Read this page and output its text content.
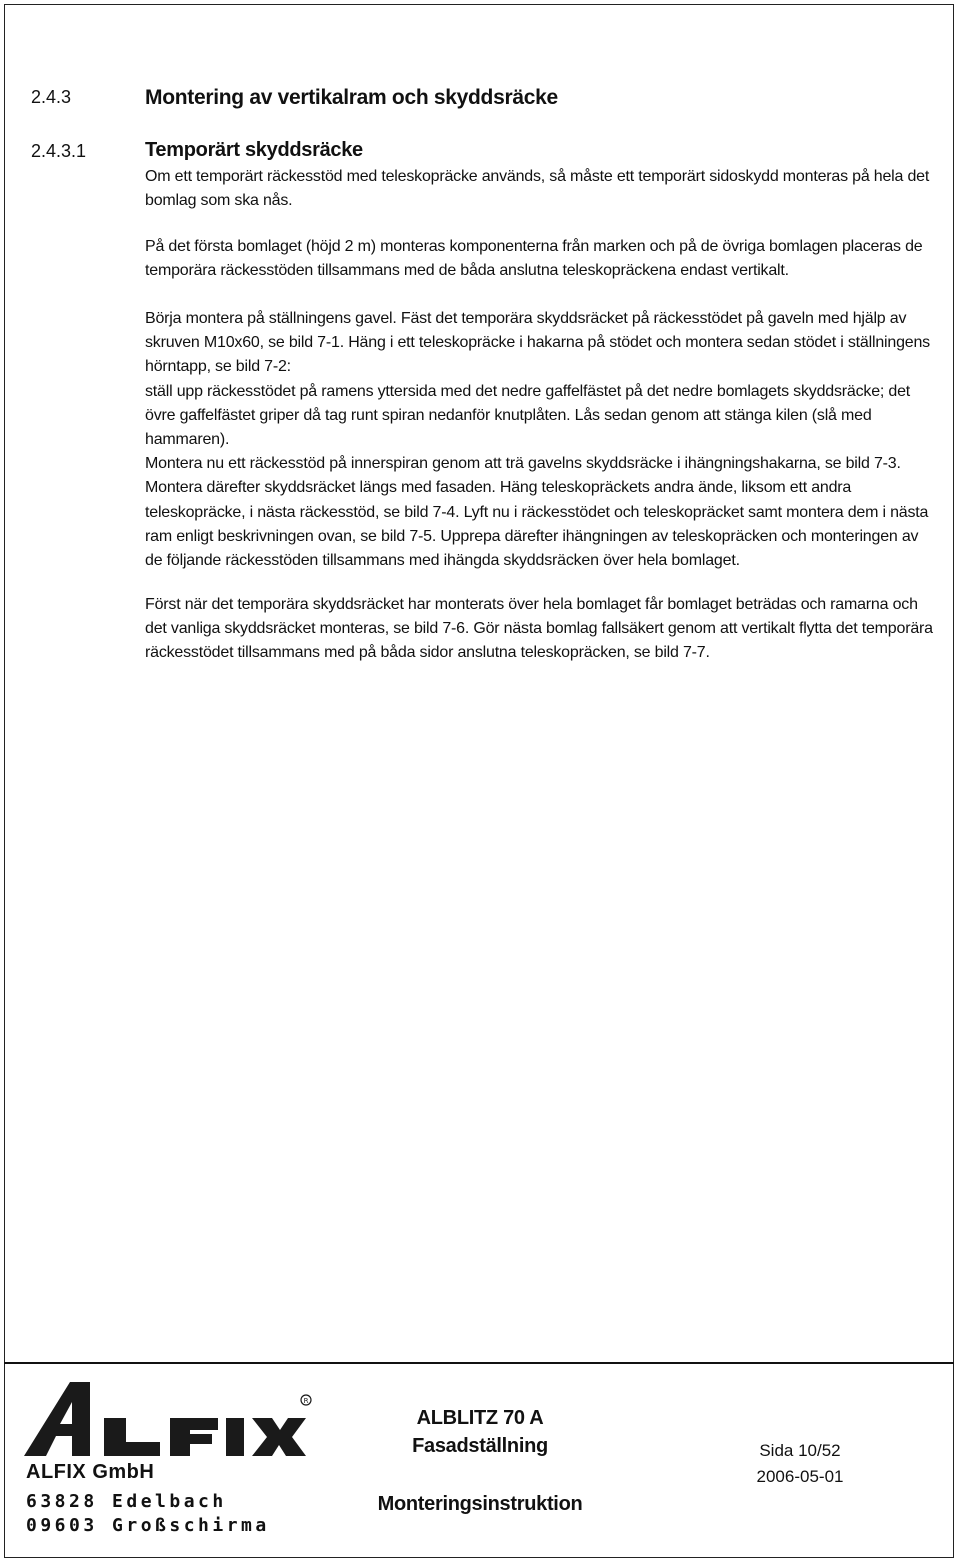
2.4.3	Montering av vertikalram och skyddsräcke
2.4.3.1	Temporärt skyddsräcke
Om ett temporärt räckesstöd med teleskopräcke används, så måste ett temporärt sidoskydd monteras på hela det bomlag som ska nås.
På det första bomlaget (höjd 2 m) monteras komponenterna från marken och på de övriga bomlagen placeras de temporära räckesstöden tillsammans med de båda anslutna teleskopräckena endast vertikalt.

Börja montera på ställningens gavel. Fäst det temporära skyddsräcket på räckesstödet på gaveln med hjälp av skruven M10x60, se bild 7-1. Häng i ett teleskopräcke i hakarna på stödet och montera sedan stödet i ställningens hörntapp, se bild 7-2:

ställ upp räckesstödet på ramens yttersida med det nedre gaffelfästet på det nedre bomlagets skyddsräcke; det övre gaffelfästet griper då tag runt spiran nedanför knutplåten. Lås sedan genom att stänga kilen (slå med hammaren).

Montera nu ett räckesstöd på innerspiran genom att trä gavelns skyddsräcke i ihängningshakarna, se bild 7-3. Montera därefter skyddsräcket längs med fasaden. Häng teleskopräckets andra ände, liksom ett andra teleskopräcke, i nästa räckesstöd, se bild 7-4. Lyft nu i räckesstödet och teleskopräcket samt montera dem i nästa ram enligt beskrivningen ovan, se bild 7-5. Upprepa därefter ihängningen av teleskopräcken och monteringen av de följande räckesstöden tillsammans med ihängda skyddsräcken över hela bomlaget.

Först när det temporära skyddsräcket har monterats över hela bomlaget får bomlaget beträdas och ramarna och det vanliga skyddsräcket monteras, se bild 7-6. Gör nästa bomlag fallsäkert genom att vertikalt flytta det temporära räckesstödet tillsammans med på båda sidor anslutna teleskopräcken, se bild 7-7.
R
ALFIX GmbH
63828 Edelbach
09603 Großschirma
ALBLITZ 70 A
Fasadställning
Monteringsinstruktion
Sida 10/52
2006-05-01
